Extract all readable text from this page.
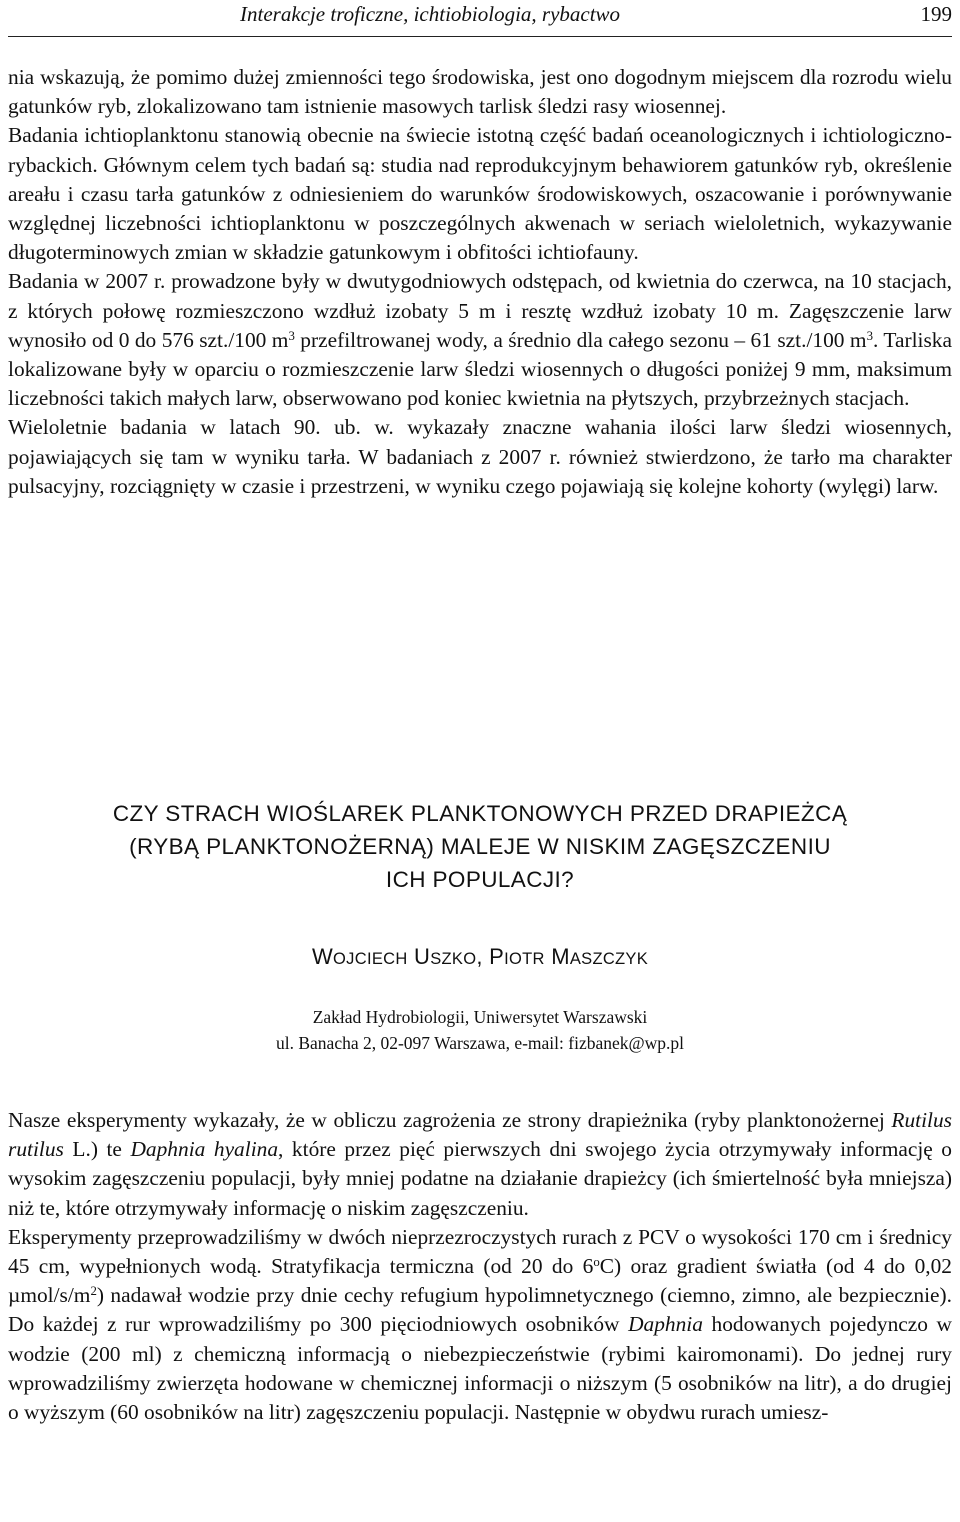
Interakcje troficzne, ichtiobiologia, rybactwo	199

nia wskazują, że pomimo dużej zmienności tego środowiska, jest ono dogodnym miejscem dla rozrodu wielu gatunków ryb, zlokalizowano tam istnienie masowych tarlisk śledzi rasy wiosennej.

Badania ichtioplanktonu stanowią obecnie na świecie istotną część badań oceanologicznych i ichtiologiczno-rybackich. Głównym celem tych badań są: studia nad reprodukcyjnym behawiorem gatunków ryb, określenie areału i czasu tarła gatunków z odniesieniem do warunków środowiskowych, oszacowanie i porównywanie względnej liczebności ichtioplanktonu w poszczególnych akwenach w seriach wieloletnich, wykazywanie długoterminowych zmian w składzie gatunkowym i obfitości ichtiofauny.

Badania w 2007 r. prowadzone były w dwutygodniowych odstępach, od kwietnia do czerwca, na 10 stacjach, z których połowę rozmieszczono wzdłuż izobaty 5 m i resztę wzdłuż izobaty 10 m. Zagęszczenie larw wynosiło od 0 do 576 szt./100 $m^3$ przefiltrowanej wody, a średnio dla całego sezonu – 61 szt./100 $m^3$. Tarliska lokalizowane były w oparciu o rozmieszczenie larw śledzi wiosennych o długości poniżej 9 mm, maksimum liczebności takich małych larw, obserwowano pod koniec kwietnia na płytszych, przybrzeżnych stacjach.

Wieloletnie badania w latach 90. ub. w. wykazały znaczne wahania ilości larw śledzi wiosennych, pojawiających się tam w wyniku tarła. W badaniach z 2007 r. również stwierdzono, że tarło ma charakter pulsacyjny, rozciągnięty w czasie i przestrzeni, w wyniku czego pojawiają się kolejne kohorty (wylęgi) larw.

CZY STRACH WIOŚLAREK PLANKTONOWYCH PRZED DRAPIEŻCĄ
(RYBĄ PLANKTONOŻERNĄ) MALEJE W NISKIM ZAGĘSZCZENIU
ICH POPULACJI?
WOJCIECH USZKO, PIOTR MASZCZYK
Zakład Hydrobiologii, Uniwersytet Warszawski
ul. Banacha 2, 02-097 Warszawa, e-mail: fizbanek@wp.pl

Nasze eksperymenty wykazały, że w obliczu zagrożenia ze strony drapieżnika (ryby planktonożernej Rutilus rutilus L.) te Daphnia hyalina, które przez pięć pierwszych dni swojego życia otrzymywały informację o wysokim zagęszczeniu populacji, były mniej podatne na działanie drapieżcy (ich śmiertelność była mniejsza) niż te, które otrzymywały informację o niskim zagęszczeniu.

Eksperymenty przeprowadziliśmy w dwóch nieprzezroczystych rurach z PCV o wysokości 170 cm i średnicy 45 cm, wypełnionych wodą. Stratyfikacja termiczna (od 20 do 6$^o$C) oraz gradient światła (od 4 do 0,02 µmol/$s/m^2$) nadawał wodzie przy dnie cechy refugium hypolimnetycznego (ciemno, zimno, ale bezpiecznie). Do każdej z rur wprowadziliśmy po 300 pięciodniowych osobników Daphnia hodowanych pojedynczo w wodzie (200 ml) z chemiczną informacją o niebezpieczeństwie (rybimi kairomonami). Do jednej rury wprowadziliśmy zwierzęta hodowane w chemicznej informacji o niższym (5 osobników na litr), a do drugiej o wyższym (60 osobników na litr) zagęszczeniu populacji. Następnie w obydwu rurach umiesz-
